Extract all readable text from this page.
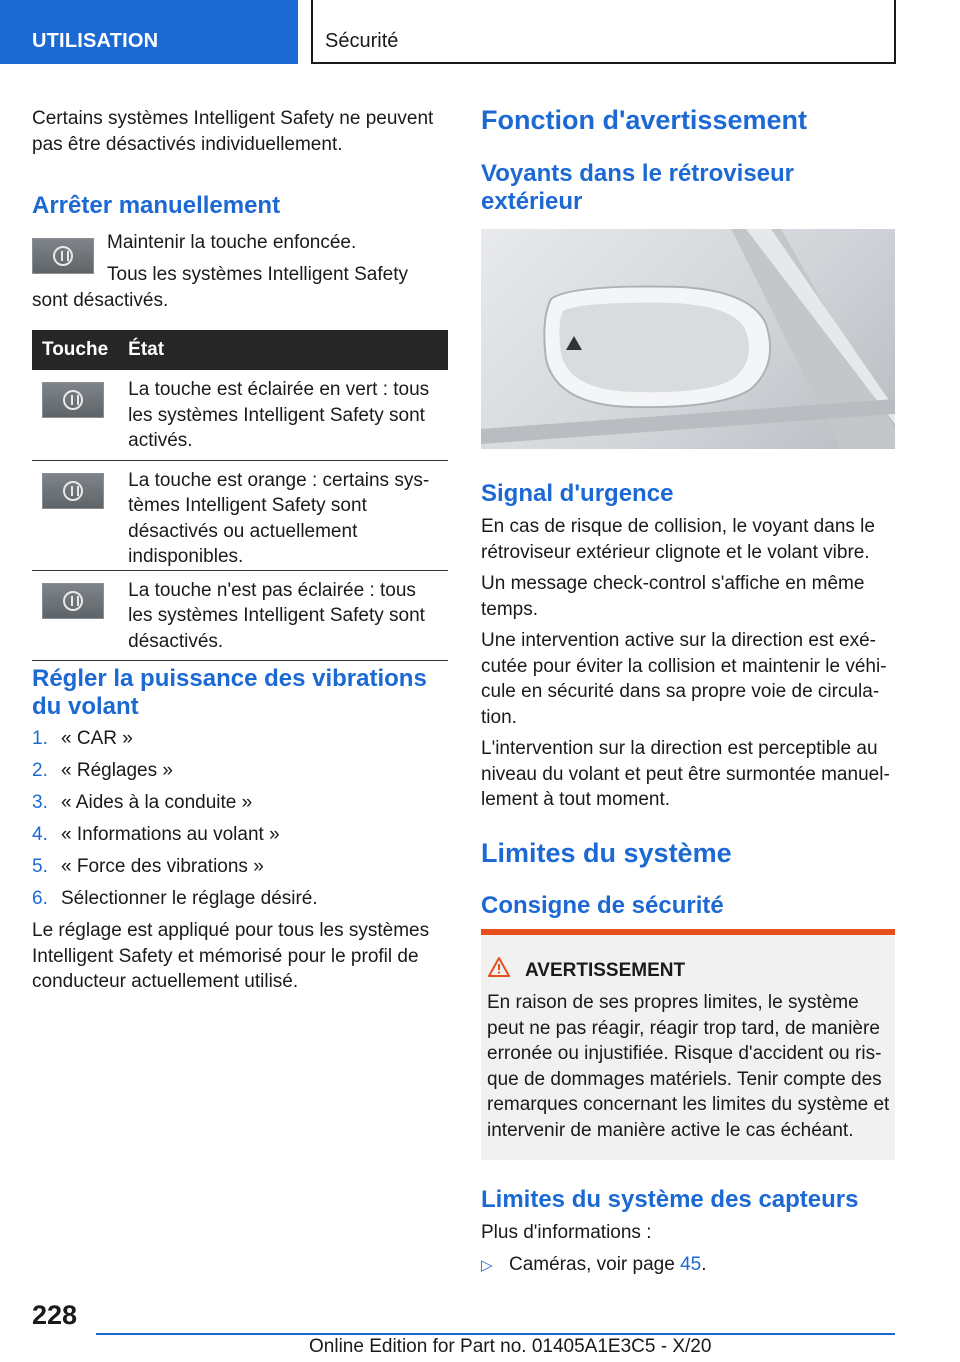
UTILISATION	Sécurité

Certains systèmes Intelligent Safety ne peuvent pas être désactivés individuellement.

Arrêter manuellement

Maintenir la touche enfoncée.

Tous les systèmes Intelligent Safety sont désactivés.

Touche	État

	La touche est éclairée en vert : tous les systèmes Intelligent Safety sont activés.

	La touche est orange : certains systèmes Intelligent Safety sont désactivés ou actuellement indisponibles.

	La touche n'est pas éclairée : tous les systèmes Intelligent Safety sont désactivés.
Régler la puissance des vibrations du volant
1. « CAR »
2. « Réglages »
3. « Aides à la conduite »
4. « Informations au volant »
5. « Force des vibrations »
6. Sélectionner le réglage désiré.

Le réglage est appliqué pour tous les systèmes Intelligent Safety et mémorisé pour le profil de conducteur actuellement utilisé.

Fonction d'avertissement
Voyants dans le rétroviseur extérieur
Signal d'urgence

En cas de risque de collision, le voyant dans le rétroviseur extérieur clignote et le volant vibre.

Un message check-control s'affiche en même temps.

Une intervention active sur la direction est exécutée pour éviter la collision et maintenir le véhicule en sécurité dans sa propre voie de circulation.

L'intervention sur la direction est perceptible au niveau du volant et peut être surmontée manuellement à tout moment.

Limites du système
Consigne de sécurité
AVERTISSEMENT

En raison de ses propres limites, le système peut ne pas réagir, réagir trop tard, de manière erronée ou injustifiée. Risque d'accident ou risque de dommages matériels. Tenir compte des remarques concernant les limites du système et intervenir de manière active le cas échéant.

Limites du système des capteurs

Plus d'informations :

▷ Caméras, voir page 45.

228
Online Edition for Part no. 01405A1E3C5 - X/20
